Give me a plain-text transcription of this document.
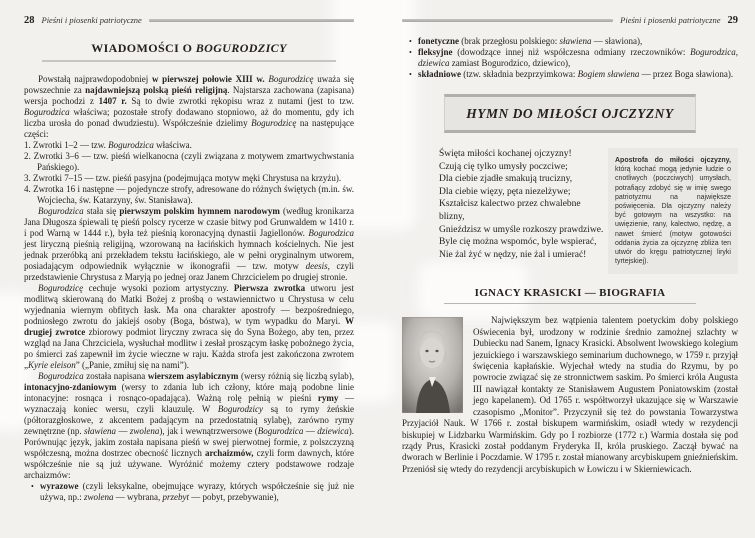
28 Pieśni i piosenki patriotyczne
WIADOMOŚCI O BOGURODZICY

Powstałą najprawdopodobniej w pierwszej połowie XIII w. Bogurodzicę uważa się powszechnie za najdawniejszą polską pieśń religijną. Najstarsza zachowana (zapisana) wersja pochodzi z 1407 r. Są to dwie zwrotki rękopisu wraz z nutami (jest to tzw. Bogurodzica właściwa; pozostałe strofy dodawano stopniowo, aż do momentu, gdy ich liczba urosła do ponad dwudziestu). Współcześnie dzielimy Bogurodzicę na następujące części:

1. Zwrotki 1–2 — tzw. Bogurodzica właściwa.
2. Zwrotki 3–6 — tzw. pieśń wielkanocna (czyli związana z motywem zmartwychwstania Pańskiego).
3. Zwrotki 7–15 — tzw. pieśń pasyjna (podejmująca motyw męki Chrystusa na krzyżu).
4. Zwrotka 16 i następne — pojedyncze strofy, adresowane do różnych świętych (m.in. św. Wojciecha, św. Katarzyny, św. Stanisława).

Bogurodzica stała się pierwszym polskim hymnem narodowym (według kronikarza Jana Długosza śpiewali tę pieśń polscy rycerze w czasie bitwy pod Grunwaldem w 1410 r. i pod Warną w 1444 r.), była też pieśnią koronacyjną dynastii Jagiellonów. Bogurodzica jest liryczną pieśnią religijną, wzorowaną na łacińskich hymnach kościelnych. Nie jest jednak przeróbką ani przekładem tekstu łacińskiego, ale w pełni oryginalnym utworem, posiadającym odpowiednik wyłącznie w ikonografii — tzw. motyw deesis, czyli przedstawienie Chrystusa z Maryją po jednej oraz Janem Chrzcicielem po drugiej stronie.

Bogurodzicę cechuje wysoki poziom artystyczny. Pierwsza zwrotka utworu jest modlitwą skierowaną do Matki Bożej z prośbą o wstawiennictwo u Chrystusa w celu wyjednania wiernym obfitych łask. Ma ona charakter apostrofy — bezpośredniego, podniosłego zwrotu do jakiejś osoby (Boga, bóstwa), w tym wypadku do Maryi. W drugiej zwrotce zbiorowy podmiot liryczny zwraca się do Syna Bożego, aby ten, przez wzgląd na Jana Chrzciciela, wysłuchał modlitw i zesłał proszącym łaskę pobożnego życia, po śmierci zaś zapewnił im życie wieczne w raju. Każda strofa jest zakończona zwrotem „Kyrie eleison” („Panie, zmiłuj się na nami”).

Bogurodzica została napisana wierszem asylabicznym (wersy różnią się liczbą sylab), intonacyjno-zdaniowym (wersy to zdania lub ich człony, które mają podobne linie intonacyjne: rosnąca i rosnąco-opadająca). Ważną rolę pełnią w pieśni rymy — wyznaczają koniec wersu, czyli klauzulę. W Bogurodzicy są to rymy żeńskie (półtorazgłoskowe, z akcentem padającym na przedostatnią sylabę), zarówno rymy zewnętrzne (np. sławiena — zwolena), jak i wewnątrzwersowe (Bogurodzica — dziewica). Porównując język, jakim została napisana pieśń w swej pierwotnej formie, z polszczyzną współczesną, można dostrzec obecność licznych archaizmów, czyli form dawnych, które współcześnie nie są już używane. Wyróżnić możemy cztery podstawowe rodzaje archaizmów:

• wyrazowe (czyli leksykalne, obejmujące wyrazy, których współcześnie się już nie używa, np.: zwolena — wybrana, przebyt — pobyt, przebywanie),
Pieśni i piosenki patriotyczne 29
• fonetyczne (brak przegłosu polskiego: sławiena — sławiona),
• fleksyjne (dowodzące innej niż współczesna odmiany rzeczowników: Bogurodzica, dziewica zamiast Bogurodzico, dziewico),
• składniowe (tzw. składnia bezprzyimkowa: Bogiem sławiena — przez Boga sławiona).
HYMN DO MIŁOŚCI OJCZYZNY
Święta miłości kochanej ojczyzny!
Czują cię tylko umysły poczciwe;
Dla ciebie zjadłe smakują trucizny,
Dla ciebie więzy, pęta niezelżywe;
Kształcisz kalectwo przez chwalebne blizny,
Gnieździsz w umyśle rozkoszy prawdziwe.
Byle cię można wspomóc, byle wspierać,
Nie żal żyć w nędzy, nie żal i umierać!
Apostrofa do miłości ojczyzny, którą kochać mogą jedynie ludzie o cnotliwych (poczciwych) umysłach, potrafiący zdobyć się w imię swego patriotyzmu na największe poświęcenia. Dla ojczyzny należy być gotowym na wszystko: na uwięzienie, rany, kalectwo, nędzę, a nawet śmierć (motyw gotowości oddania życia za ojczyznę zbliża ten utwór do kręgu patriotycznej liryki tyrtejskiej).
IGNACY KRASICKI — BIOGRAFIA

Największym bez wątpienia talentem poetyckim doby polskiego Oświecenia był, urodzony w rodzinie średnio zamożnej szlachty w Dubiecku nad Sanem, Ignacy Krasicki. Absolwent lwowskiego kolegium jezuickiego i warszawskiego seminarium duchownego, w 1759 r. przyjął święcenia kapłańskie. Wyjechał wtedy na studia do Rzymu, by po powrocie związać się ze stronnictwem saskim. Po śmierci króla Augusta III nawiązał kontakty ze Stanisławem Augustem Poniatowskim (został jego kapelanem). Od 1765 r. współtworzył ukazujące się w Warszawie czasopismo „Monitor”. Przyczynił się też do powstania Towarzystwa Przyjaciół Nauk. W 1766 r. został biskupem warmińskim, osiadł wtedy w rezydencji biskupiej w Lidzbarku Warmińskim. Gdy po I rozbiorze (1772 r.) Warmia dostała się pod rządy Prus, Krasicki został poddanym Fryderyka II, króla pruskiego. Zaczął bywać na dworach w Berlinie i Poczdamie. W 1795 r. został mianowany arcybiskupem gnieźnieńskim. Przeniósł się wtedy do rezydencji arcybiskupich w Łowiczu i w Skierniewicach.
